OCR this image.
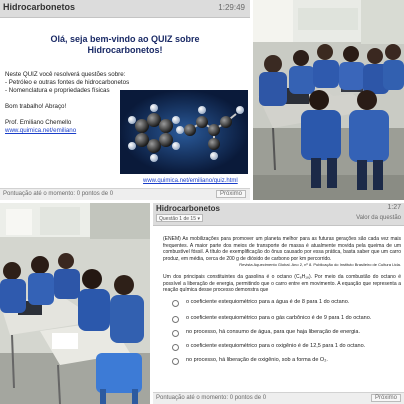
Hidrocarbonetos	1:29:49
Olá, seja bem-vindo ao QUIZ sobre
Hidrocarbonetos!
Neste QUIZ você resolverá questões sobre:
- Petróleo e outras fontes de hidrocarbonetos
- Nomenclatura e propriedades físicas
Bom trabalho! Abraço!
Prof. Emiliano Chemello
www.quimica.net/emiliano
www.quimica.net/emiliano/quiz.html
Pontuação até o momento: 0 pontos de 0	Próximo
Hidrocarbonetos	1:27
Questão 1 de 15 ▾	Valor da questão
(ENEM) As mobilizações para promover um planeta melhor para as futuras gerações são cada vez mais frequentes. A maior parte dos meios de transporte de massa é atualmente movida pela queima de um combustível fóssil. A título de exemplificação do ônus causado por essa prática, basta saber que um carro produz, em média, cerca de 200 g de dióxido de carbono por km percorrido.
Revista Aquecimento Global. Ano 2, nº 8. Publicação do Instituto Brasileiro de Cultura Ltda.
Um dos principais constituintes da gasolina é o octano (C₈H₁₈). Por meio da combustão do octano é possível a liberação de energia, permitindo que o carro entre em movimento. A equação que representa a reação química desse processo demonstra que
o coeficiente estequiométrico para a água é de 8 para 1 do octano.
o coeficiente estequiométrico para o gás carbônico é de 9 para 1 do octano.
no processo, há consumo de água, para que haja liberação de energia.
o coeficiente estequiométrico para o oxigênio é de 12,5 para 1 do octano.
no processo, há liberação de oxigênio, sob a forma de O₂.
Pontuação até o momento: 0 pontos de 0	Próximo
